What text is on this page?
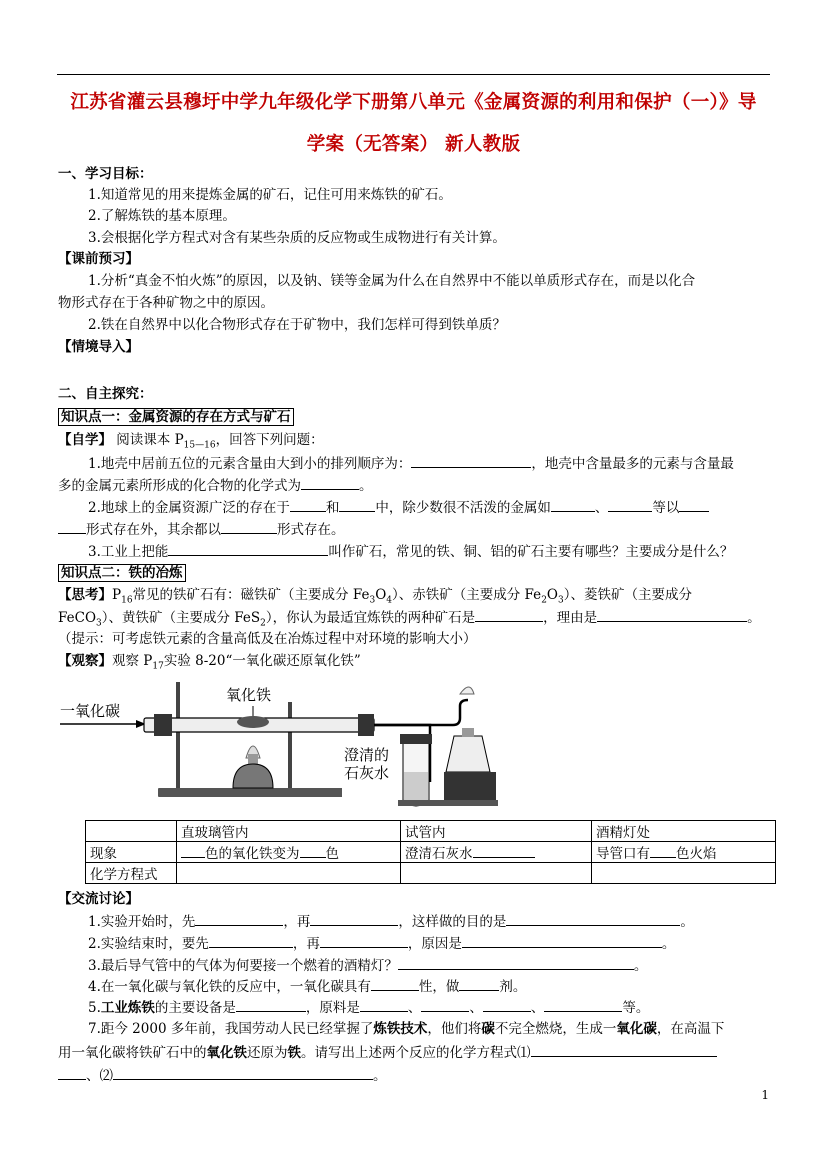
江苏省灌云县穆圩中学九年级化学下册第八单元《金属资源的利用和保护（一）》导
学案（无答案） 新人教版
一、学习目标：
1.知道常见的用来提炼金属的矿石，记住可用来炼铁的矿石。
2.了解炼铁的基本原理。
3.会根据化学方程式对含有某些杂质的反应物或生成物进行有关计算。
【课前预习】
1.分析“真金不怕火炼”的原因，以及钠、镁等金属为什么在自然界中不能以单质形式存在，而是以化合
物形式存在于各种矿物之中的原因。
2.铁在自然界中以化合物形式存在于矿物中，我们怎样可得到铁单质？
【情境导入】
二、自主探究：
知识点一：金属资源的存在方式与矿石
【自学】 阅读课本 $P_{15—16}$，回答下列问题：
1.地壳中居前五位的元素含量由大到小的排列顺序为：	，地壳中含量最多的元素与含量最
多的金属元素所形成的化合物的化学式为	。
2.地球上的金属资源广泛的存在于	和	中，除少数很不活泼的金属如	、	等以
形式存在外，其余都以	形式存在。
3.工业上把能	叫作矿石，常见的铁、铜、铝的矿石主要有哪些？主要成分是什么？
知识点二：铁的冶炼
【思考】$P_{16}$常见的铁矿石有：磁铁矿（主要成分 $Fe_3O_4$）、赤铁矿（主要成分 $Fe_2O_3$）、菱铁矿（主要成分
FeCO$_3$）、黄铁矿（主要成分 FeS$_2$），你认为最适宜炼铁的两种矿石是	，理由是	。
（提示：可考虑铁元素的含量高低及在冶炼过程中对环境的影响大小）
【观察】观察 $P_{17}$实验 8-20“一氧化碳还原氧化铁”
一氧化碳
氧化铁
澄清的
石灰水
	直玻璃管内	试管内	酒精灯处
现象	色的氧化铁变为 色	澄清石灰水	导管口有 色火焰
化学方程式			
【交流讨论】
1.实验开始时，先	，再	，这样做的目的是	。
2.实验结束时，要先	，再	，原因是	。
3.最后导气管中的气体为何要接一个燃着的酒精灯？	。
4.在一氧化碳与氧化铁的反应中，一氧化碳具有	性，做	剂。
5.工业炼铁的主要设备是	，原料是	、	、	、	等。
7.距今 2000 多年前，我国劳动人民已经掌握了炼铁技术，他们将碳不完全燃烧，生成一氧化碳，在高温下
用一氧化碳将铁矿石中的氧化铁还原为铁。请写出上述两个反应的化学方程式⑴
、⑵	。
1
